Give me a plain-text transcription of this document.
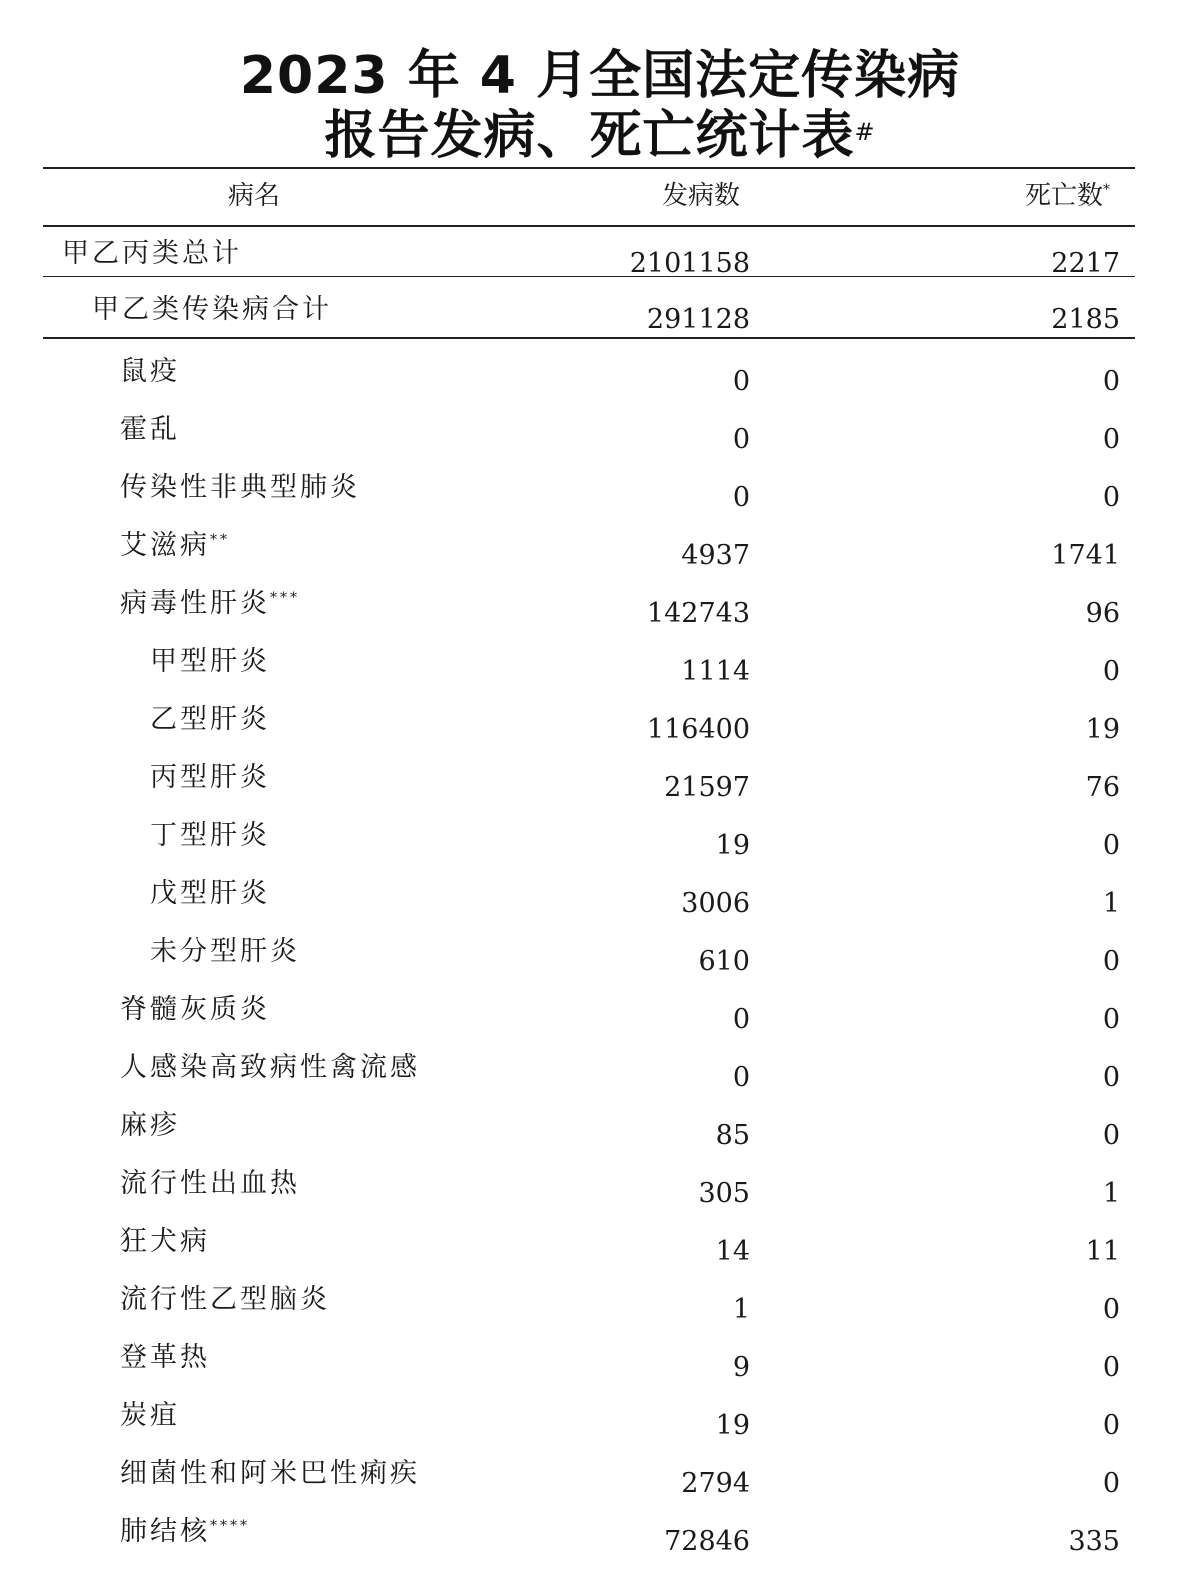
2023 年 4 月全国法定传染病
报告发病、死亡统计表#
病名	发病数	死亡数*
甲乙丙类总计	2101158	2217
甲乙类传染病合计	291128	2185
鼠疫	0	0
霍乱	0	0
传染性非典型肺炎	0	0
艾滋病**	4937	1741
病毒性肝炎***	142743	96
甲型肝炎	1114	0
乙型肝炎	116400	19
丙型肝炎	21597	76
丁型肝炎	19	0
戊型肝炎	3006	1
未分型肝炎	610	0
脊髓灰质炎	0	0
人感染高致病性禽流感	0	0
麻疹	85	0
流行性出血热	305	1
狂犬病	14	11
流行性乙型脑炎	1	0
登革热	9	0
炭疽	19	0
细菌性和阿米巴性痢疾	2794	0
肺结核****	72846	335
